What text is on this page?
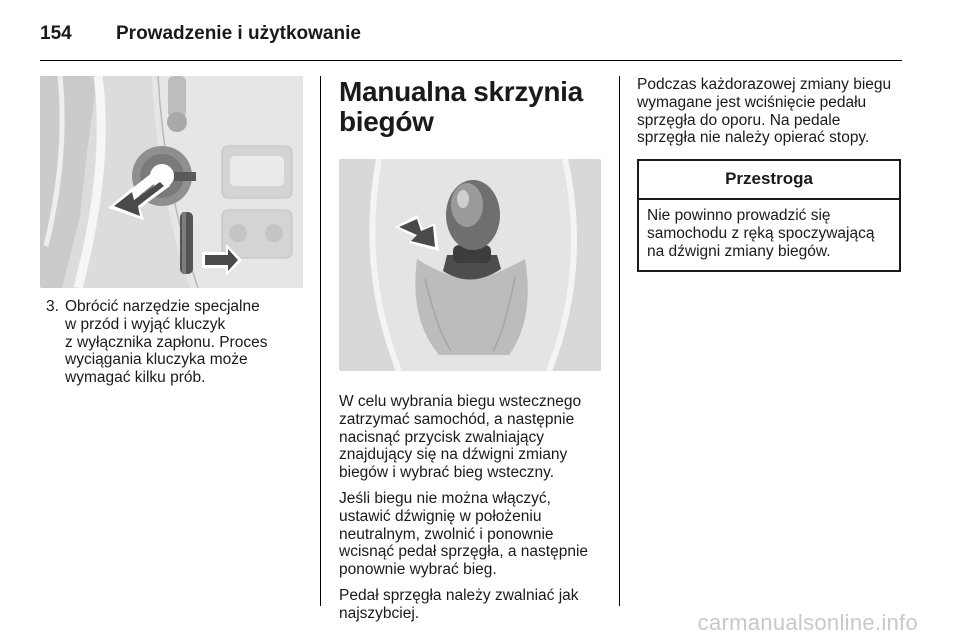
154	Prowadzenie i użytkowanie
3. Obrócić narzędzie specjalne
w przód i wyjąć kluczyk
z wyłącznika zapłonu. Proces
wyciągania kluczyka może
wymagać kilku prób.
Manualna skrzynia
biegów

W celu wybrania biegu wstecznego
zatrzymać samochód, a następnie
nacisnąć przycisk zwalniający
znajdujący się na dźwigni zmiany
biegów i wybrać bieg wsteczny.

Jeśli biegu nie można włączyć,
ustawić dźwignię w położeniu
neutralnym, zwolnić i ponownie
wcisnąć pedał sprzęgła, a następnie
ponownie wybrać bieg.

Pedał sprzęgła należy zwalniać jak
najszybciej.

Podczas każdorazowej zmiany biegu
wymagane jest wciśnięcie pedału
sprzęgła do oporu. Na pedale
sprzęgła nie należy opierać stopy.

Przestroga
Nie powinno prowadzić się
samochodu z ręką spoczywającą
na dźwigni zmiany biegów.
carmanualsonline.info
